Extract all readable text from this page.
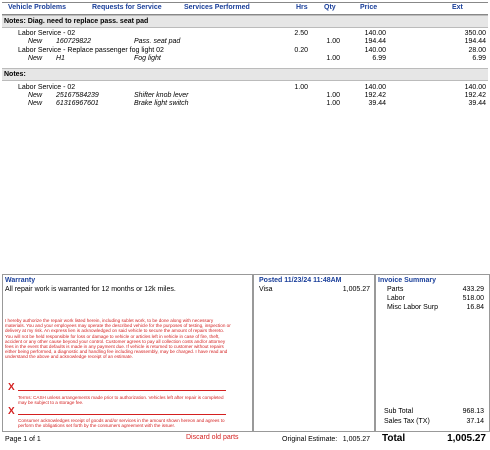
Vehicle Problems	Requests for Service	Services Performed	Hrs Qty	Price	Ext
Notes: Diag. need to replace pass. seat pad
Labor Service - 02	2.50	140.00	350.00
New 160729822	Pass. seat pad	1.00	194.44	194.44
Labor Service - Replace passenger fog light 02	0.20	140.00	28.00
New H1	Fog light	1.00	6.99	6.99
Notes:
Labor Service - 02	1.00	140.00	140.00
New 25167584239	Shifter knob lever	1.00	192.42	192.42
New 61316967601	Brake light switch	1.00	39.44	39.44
Warranty
All repair work is warranted for 12 months or 12k miles.
I hereby authorize the repair work listed herein, including sublet work, to be done along with necessary materials. You and your employees may operate the described vehicle for the purposes of testing, inspection or delivery at my risk. An express lien is acknowledged on said vehicle to secure the amount of repairs thereto. You will not be held responsible for loss or damage to vehicle or articles left in vehicle in case of fire, theft, accident or any other cause beyond your control. Customer agrees to pay all collection costs and/or attorney fees in the event that defaults is made in any payment due. If vehicle is returned to customer without repairs either being performed, a diagnostic and handling fee including reassembly, may be charged. I have read and understand the above and acknowledge receipt of an estimate.
X
Terms: CASH unless arrangements made prior to authorization. Vehicles left after repair is completed may be subject to a storage fee.
X
Consumer acknowledges receipt of goods and/or services in the amount shown hereon and agrees to perform the obligations set forth by the consumers agreement with the issuer.
Posted 11/23/24 11:48AM
Visa	1,005.27
Invoice Summary
Parts	433.29
Labor	518.00
Misc Labor Surp	16.84
Sub Total	968.13
Sales Tax (TX)	37.14
Page 1 of 1	Discard old parts	Original Estimate: 1,005.27 Total	1,005.27
